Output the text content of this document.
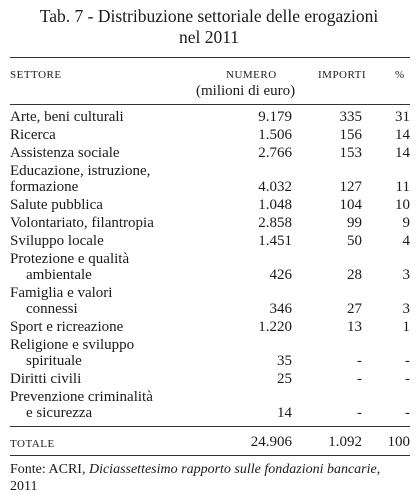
Tab. 7 - Distribuzione settoriale delle erogazioni
nel 2011
SETTORE	NUMERO	IMPORTI	%
(milioni di euro)
Arte, beni culturali	9.179	335	31
Ricerca	1.506	156	14
Assistenza sociale	2.766	153	14
Educazione, istruzione,
formazione	4.032	127	11
Salute pubblica	1.048	104	10
Volontariato, filantropia	2.858	99	9
Sviluppo locale	1.451	50	4
Protezione e qualità
ambientale	426	28	3
Famiglia e valori
connessi	346	27	3
Sport e ricreazione	1.220	13	1
Religione e sviluppo
spirituale	35	-	-
Diritti civili	25	-	-
Prevenzione criminalità
e sicurezza	14	-	-
TOTALE	24.906	1.092	100
Fonte: ACRI, Diciassettesimo rapporto sulle fondazioni bancarie,
2011
